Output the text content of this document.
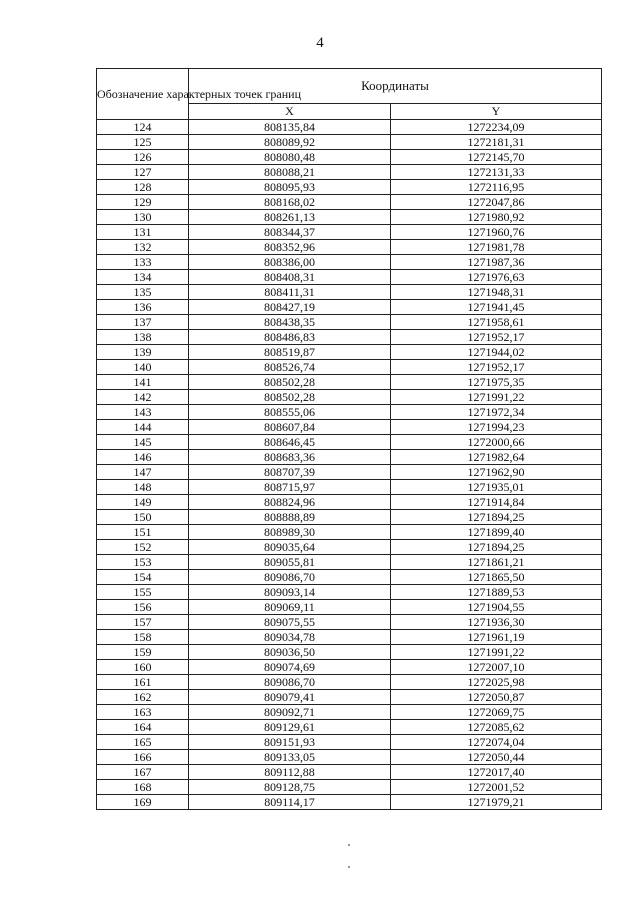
4
Обозначение характерных точек границ	Координаты	
	X	Y
124	808135,84	1272234,09
125	808089,92	1272181,31
126	808080,48	1272145,70
127	808088,21	1272131,33
128	808095,93	1272116,95
129	808168,02	1272047,86
130	808261,13	1271980,92
131	808344,37	1271960,76
132	808352,96	1271981,78
133	808386,00	1271987,36
134	808408,31	1271976,63
135	808411,31	1271948,31
136	808427,19	1271941,45
137	808438,35	1271958,61
138	808486,83	1271952,17
139	808519,87	1271944,02
140	808526,74	1271952,17
141	808502,28	1271975,35
142	808502,28	1271991,22
143	808555,06	1271972,34
144	808607,84	1271994,23
145	808646,45	1272000,66
146	808683,36	1271982,64
147	808707,39	1271962,90
148	808715,97	1271935,01
149	808824,96	1271914,84
150	808888,89	1271894,25
151	808989,30	1271899,40
152	809035,64	1271894,25
153	809055,81	1271861,21
154	809086,70	1271865,50
155	809093,14	1271889,53
156	809069,11	1271904,55
157	809075,55	1271936,30
158	809034,78	1271961,19
159	809036,50	1271991,22
160	809074,69	1272007,10
161	809086,70	1272025,98
162	809079,41	1272050,87
163	809092,71	1272069,75
164	809129,61	1272085,62
165	809151,93	1272074,04
166	809133,05	1272050,44
167	809112,88	1272017,40
168	809128,75	1272001,52
169	809114,17	1271979,21
